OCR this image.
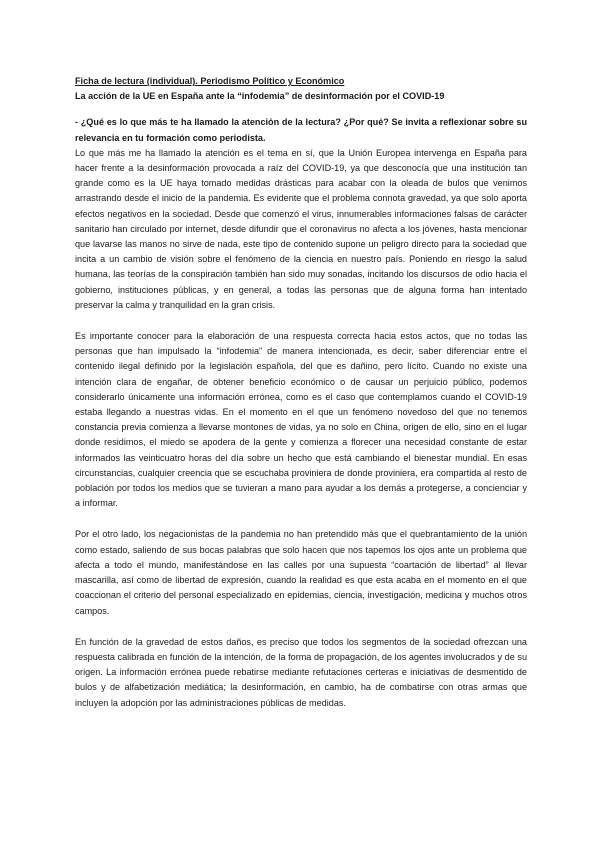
Ficha de lectura (individual). Periodismo Político y Económico

La acción de la UE en España ante la “infodemia” de desinformación por el COVID-19

- ¿Qué es lo que más te ha llamado la atención de la lectura? ¿Por qué? Se invita a reflexionar sobre su relevancia en tu formación como periodista.

Lo que más me ha llamado la atención es el tema en sí, que la Unión Europea intervenga en España para hacer frente a la desinformación provocada a raíz del COVID-19, ya que desconocía que una institución tan grande como es la UE haya tomado medidas drásticas para acabar con la oleada de bulos que venimos arrastrando desde el inicio de la pandemia. Es evidente que el problema connota gravedad, ya que solo aporta efectos negativos en la sociedad. Desde que comenzó el virus, innumerables informaciones falsas de carácter sanitario han circulado por internet, desde difundir que el coronavirus no afecta a los jóvenes, hasta mencionar que lavarse las manos no sirve de nada, este tipo de contenido supone un peligro directo para la sociedad que incita a un cambio de visión sobre el fenómeno de la ciencia en nuestro país. Poniendo en riesgo la salud humana, las teorías de la conspiración también han sido muy sonadas, incitando los discursos de odio hacia el gobierno, instituciones públicas, y en general, a todas las personas que de alguna forma han intentado preservar la calma y tranquilidad en la gran crisis.

Es importante conocer para la elaboración de una respuesta correcta hacia estos actos, que no todas las personas que han impulsado la “infodemia” de manera intencionada, es decir, saber diferenciar entre el contenido ilegal definido por la legislación española, del que es dañino, pero lícito. Cuando no existe una intención clara de engañar, de obtener beneficio económico o de causar un perjuicio público, podemos considerarlo únicamente una información errónea, como es el caso que contemplamos cuando el COVID-19 estaba llegando a nuestras vidas. En el momento en el que un fenómeno novedoso del que no tenemos constancia previa comienza a llevarse montones de vidas, ya no solo en China, origen de ello, sino en el lugar donde residimos, el miedo se apodera de la gente y comienza a florecer una necesidad constante de estar informados las veinticuatro horas del día sobre un hecho que está cambiando el bienestar mundial. En esas circunstancias, cualquier creencia que se escuchaba proviniera de donde proviniera, era compartida al resto de población por todos los medios que se tuvieran a mano para ayudar a los demás a protegerse, a concienciar y a informar.

Por el otro lado, los negacionistas de la pandemia no han pretendido más que el quebrantamiento de la unión como estado, saliendo de sus bocas palabras que solo hacen que nos tapemos los ojos ante un problema que afecta a todo el mundo, manifestándose en las calles por una supuesta “coartación de libertad” al llevar mascarilla, así como de libertad de expresión, cuando la realidad es que esta acaba en el momento en el que coaccionan el criterio del personal especializado en epidemias, ciencia, investigación, medicina y muchos otros campos.

En función de la gravedad de estos daños, es preciso que todos los segmentos de la sociedad ofrezcan una respuesta calibrada en función de la intención, de la forma de propagación, de los agentes involucrados y de su origen. La información errónea puede rebatirse mediante refutaciones certeras e iniciativas de desmentido de bulos y de alfabetización mediática; la desinformación, en cambio, ha de combatirse con otras armas que incluyen la adopción por las administraciones públicas de medidas.
